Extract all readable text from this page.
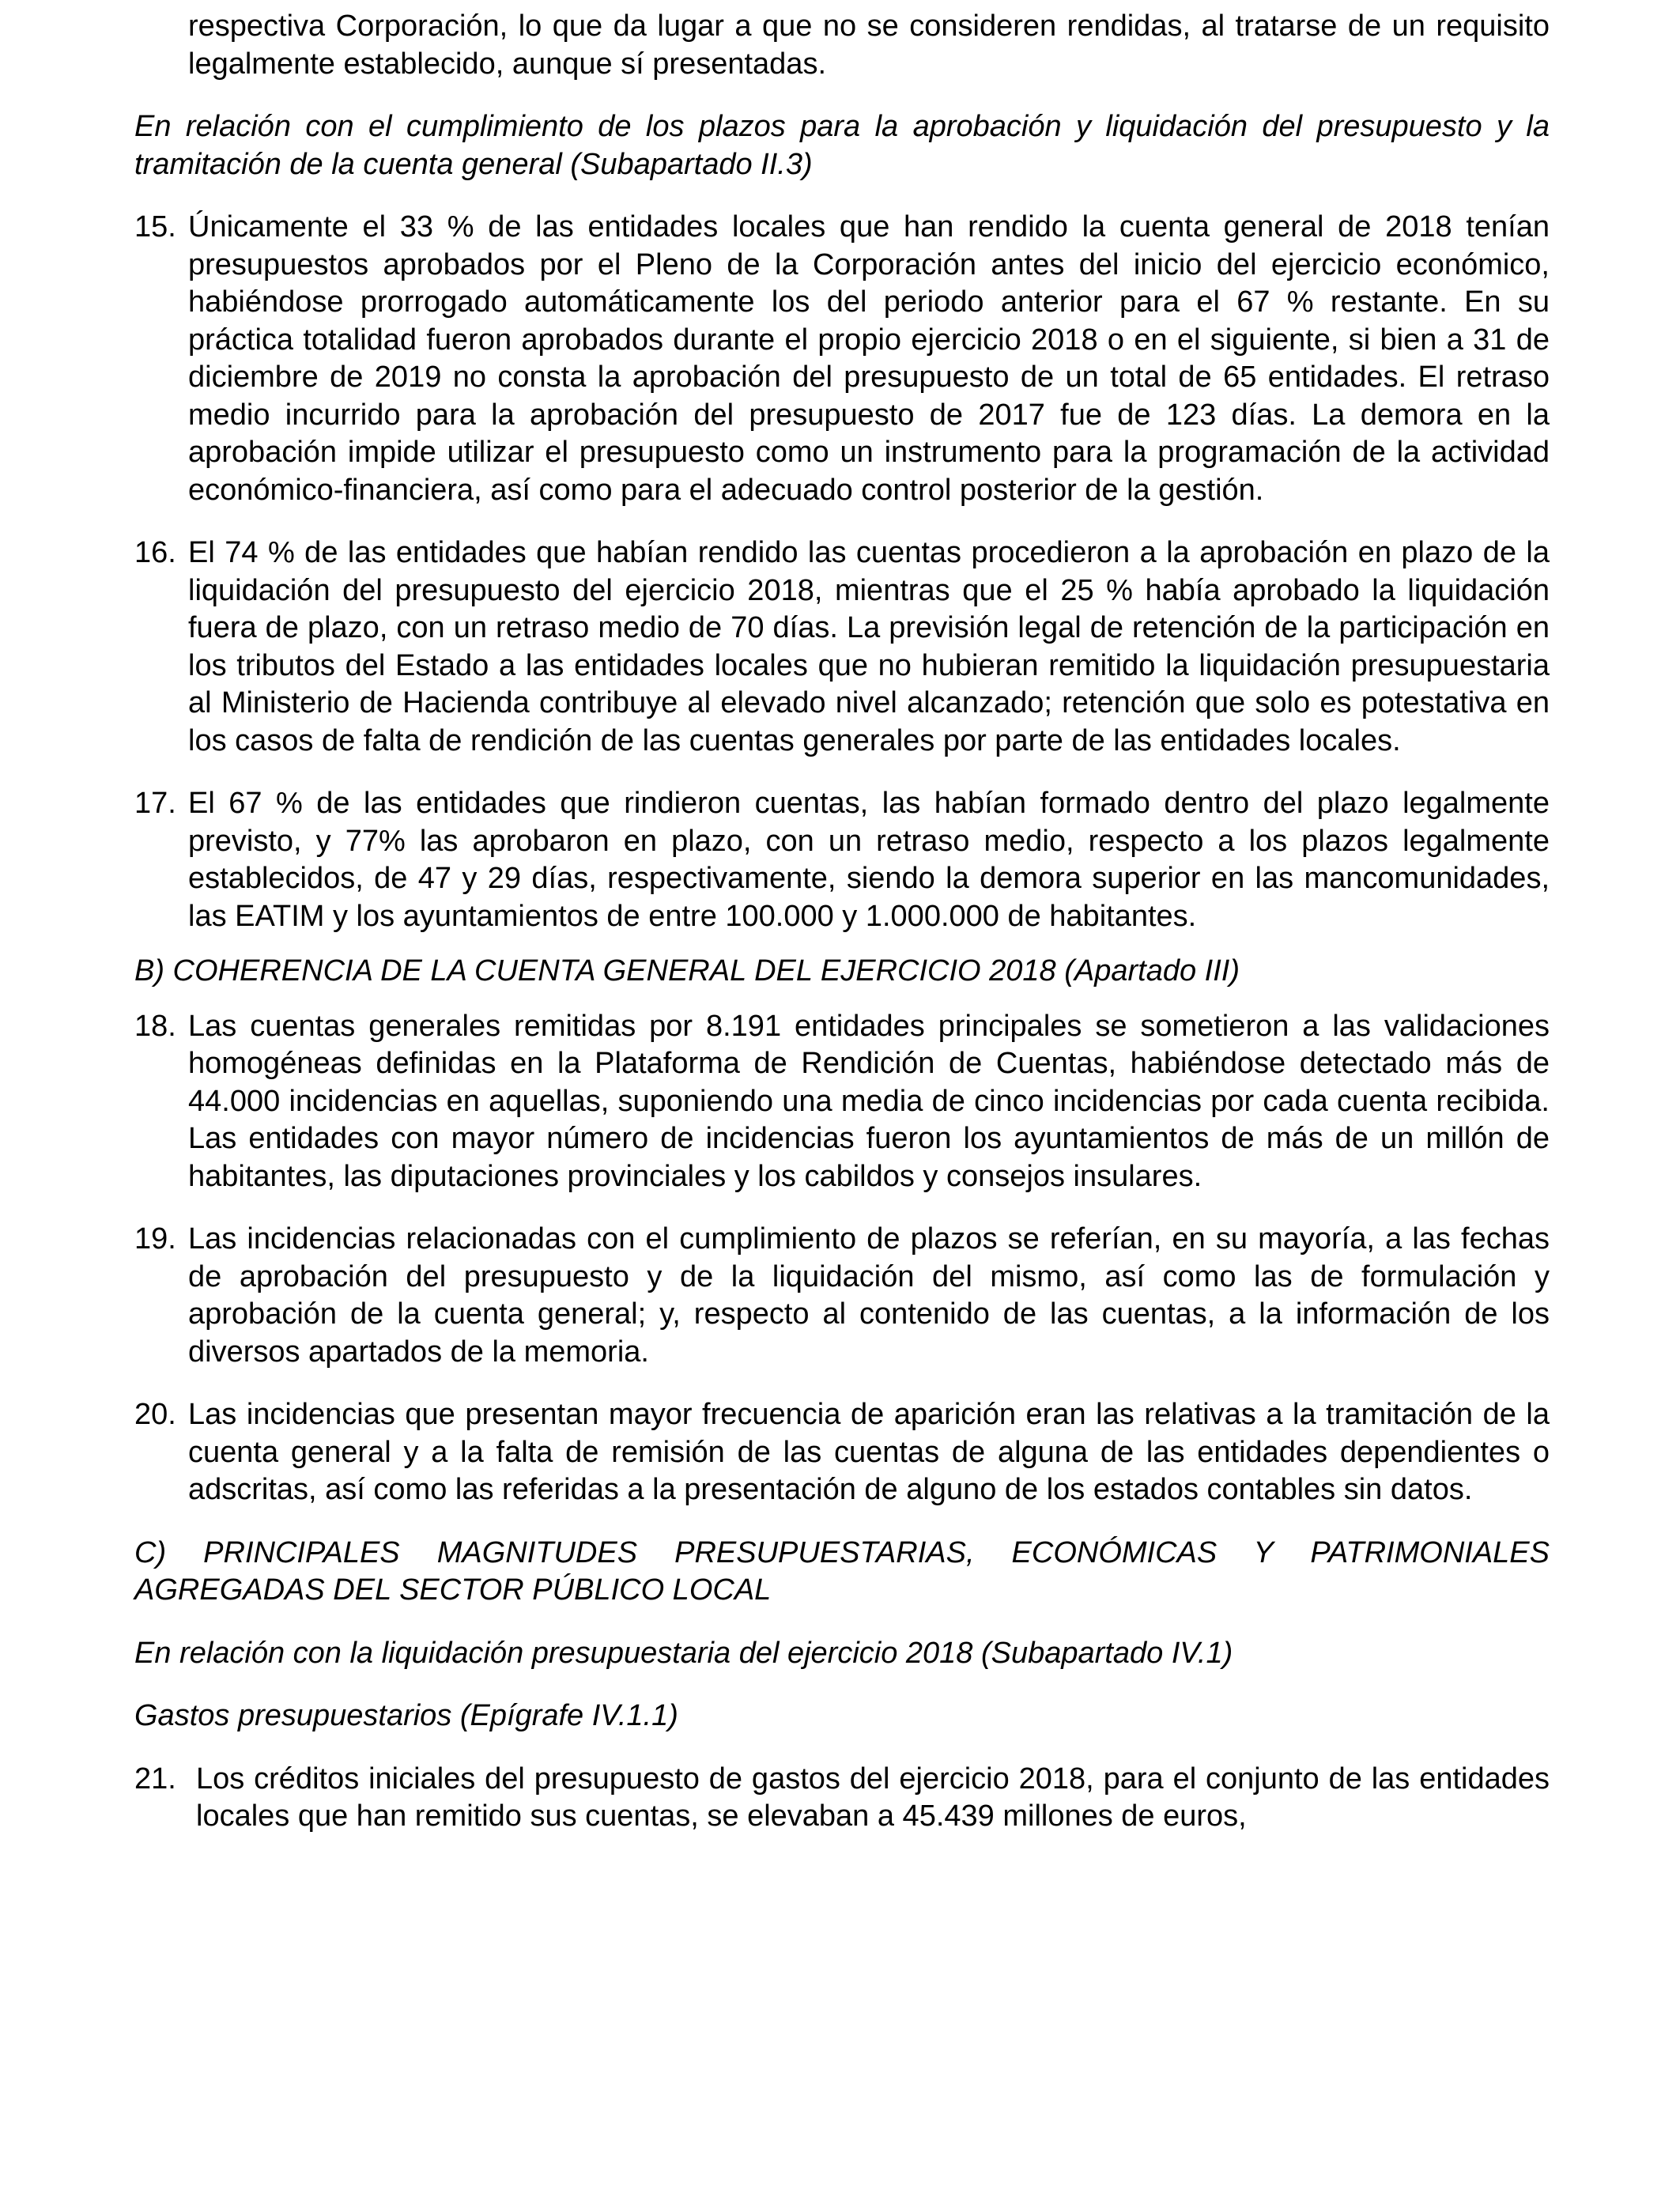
respectiva Corporación, lo que da lugar a que no se consideren rendidas, al tratarse de un requisito legalmente establecido, aunque sí presentadas.

En relación con el cumplimiento de los plazos para la aprobación y liquidación del presupuesto y la tramitación de la cuenta general (Subapartado II.3)

15. Únicamente el 33 % de las entidades locales que han rendido la cuenta general de 2018 tenían presupuestos aprobados por el Pleno de la Corporación antes del inicio del ejercicio económico, habiéndose prorrogado automáticamente los del periodo anterior para el 67 % restante. En su práctica totalidad fueron aprobados durante el propio ejercicio 2018 o en el siguiente, si bien a 31 de diciembre de 2019 no consta la aprobación del presupuesto de un total de 65 entidades. El retraso medio incurrido para la aprobación del presupuesto de 2017 fue de 123 días. La demora en la aprobación impide utilizar el presupuesto como un instrumento para la programación de la actividad económico-financiera, así como para el adecuado control posterior de la gestión.
16. El 74 % de las entidades que habían rendido las cuentas procedieron a la aprobación en plazo de la liquidación del presupuesto del ejercicio 2018, mientras que el 25 % había aprobado la liquidación fuera de plazo, con un retraso medio de 70 días. La previsión legal de retención de la participación en los tributos del Estado a las entidades locales que no hubieran remitido la liquidación presupuestaria al Ministerio de Hacienda contribuye al elevado nivel alcanzado; retención que solo es potestativa en los casos de falta de rendición de las cuentas generales por parte de las entidades locales.
17. El 67 % de las entidades que rindieron cuentas, las habían formado dentro del plazo legalmente previsto, y 77% las aprobaron en plazo, con un retraso medio, respecto a los plazos legalmente establecidos, de 47 y 29 días, respectivamente, siendo la demora superior en las mancomunidades, las EATIM y los ayuntamientos de entre 100.000 y 1.000.000 de habitantes.

B) COHERENCIA DE LA CUENTA GENERAL DEL EJERCICIO 2018 (Apartado III)

18. Las cuentas generales remitidas por 8.191 entidades principales se sometieron a las validaciones homogéneas definidas en la Plataforma de Rendición de Cuentas, habiéndose detectado más de 44.000 incidencias en aquellas, suponiendo una media de cinco incidencias por cada cuenta recibida. Las entidades con mayor número de incidencias fueron los ayuntamientos de más de un millón de habitantes, las diputaciones provinciales y los cabildos y consejos insulares.
19. Las incidencias relacionadas con el cumplimiento de plazos se referían, en su mayoría, a las fechas de aprobación del presupuesto y de la liquidación del mismo, así como las de formulación y aprobación de la cuenta general; y, respecto al contenido de las cuentas, a la información de los diversos apartados de la memoria.
20. Las incidencias que presentan mayor frecuencia de aparición eran las relativas a la tramitación de la cuenta general y a la falta de remisión de las cuentas de alguna de las entidades dependientes o adscritas, así como las referidas a la presentación de alguno de los estados contables sin datos.

C) PRINCIPALES MAGNITUDES PRESUPUESTARIAS, ECONÓMICAS Y PATRIMONIALES AGREGADAS DEL SECTOR PÚBLICO LOCAL

En relación con la liquidación presupuestaria del ejercicio 2018 (Subapartado IV.1)

Gastos presupuestarios (Epígrafe IV.1.1)

21. Los créditos iniciales del presupuesto de gastos del ejercicio 2018, para el conjunto de las entidades locales que han remitido sus cuentas, se elevaban a 45.439 millones de euros,
